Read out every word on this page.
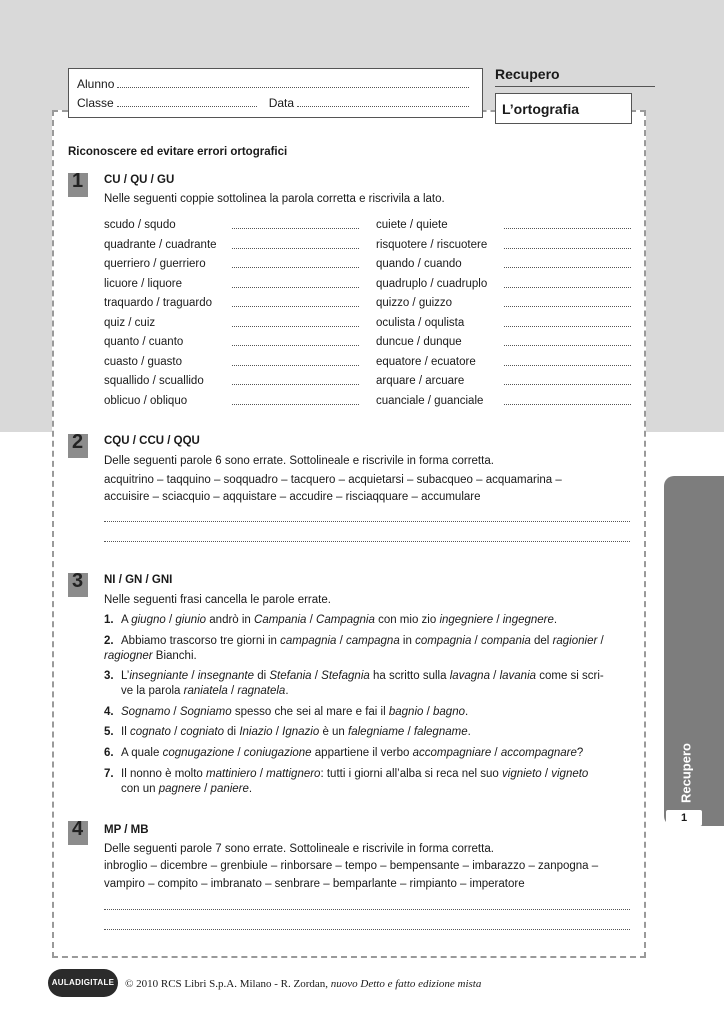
Recupero
1
Alunno
Classe	Data
Recupero
L’ortografia
Riconoscere ed evitare errori ortografici
1 CU / QU / GU
Nelle seguenti coppie sottolinea la parola corretta e riscrivila a lato.
scudo / squdo
quadrante / cuadrante
querriero / guerriero
licuore / liquore
traquardo / traguardo
quiz / cuiz
quanto / cuanto
cuasto / guasto
squallido / scuallido
oblicuo / obliquo
cuiete / quiete
risquotere / riscuotere
quando / cuando
quadruplo / cuadruplo
quizzo / guizzo
oculista / oqulista
duncue / dunque
equatore / ecuatore
arquare / arcuare
cuanciale / guanciale
2 CQU / CCU / QQU
Delle seguenti parole 6 sono errate. Sottolineale e riscrivile in forma corretta.
acquitrino – taqquino – soqquadro – tacquero – acquietarsi – subacqueo – acquamarina –
accuisire – sciacquio – aqquistare – accudire – risciaqquare – accumulare
3 NI / GN / GNI
Nelle seguenti frasi cancella le parole errate.
1. A giugno / giunio andrò in Campania / Campagnia con mio zio ingegniere / ingegnere.
2. Abbiamo trascorso tre giorni in campagnia / campagna in compagnia / compania del ragionier / ragiogner Bianchi.
3. L’insegniante / insegnante di Stefania / Stefagnia ha scritto sulla lavagna / lavania come si scri-
ve la parola raniatela / ragnatela.
4. Sognamo / Sogniamo spesso che sei al mare e fai il bagnio / bagno.
5. Il cognato / cogniato di Iniazio / Ignazio è un falegniame / falegname.
6. A quale cognugazione / coniugazione appartiene il verbo accompagniare / accompagnare?
7. Il nonno è molto mattiniero / mattignero: tutti i giorni all’alba si reca nel suo vignieto / vigneto
con un pagnere / paniere.
4 MP / MB
Delle seguenti parole 7 sono errate. Sottolineale e riscrivile in forma corretta.
inbroglio – dicembre – grenbiule – rinborsare – tempo – bempensante – imbarazzo – zanpogna –
vampiro – compito – imbranato – senbrare – bemparlante – rimpianto – imperatore
AULADIGITALE © 2010 RCS Libri S.p.A. Milano - R. Zordan, nuovo Detto e fatto edizione mista
